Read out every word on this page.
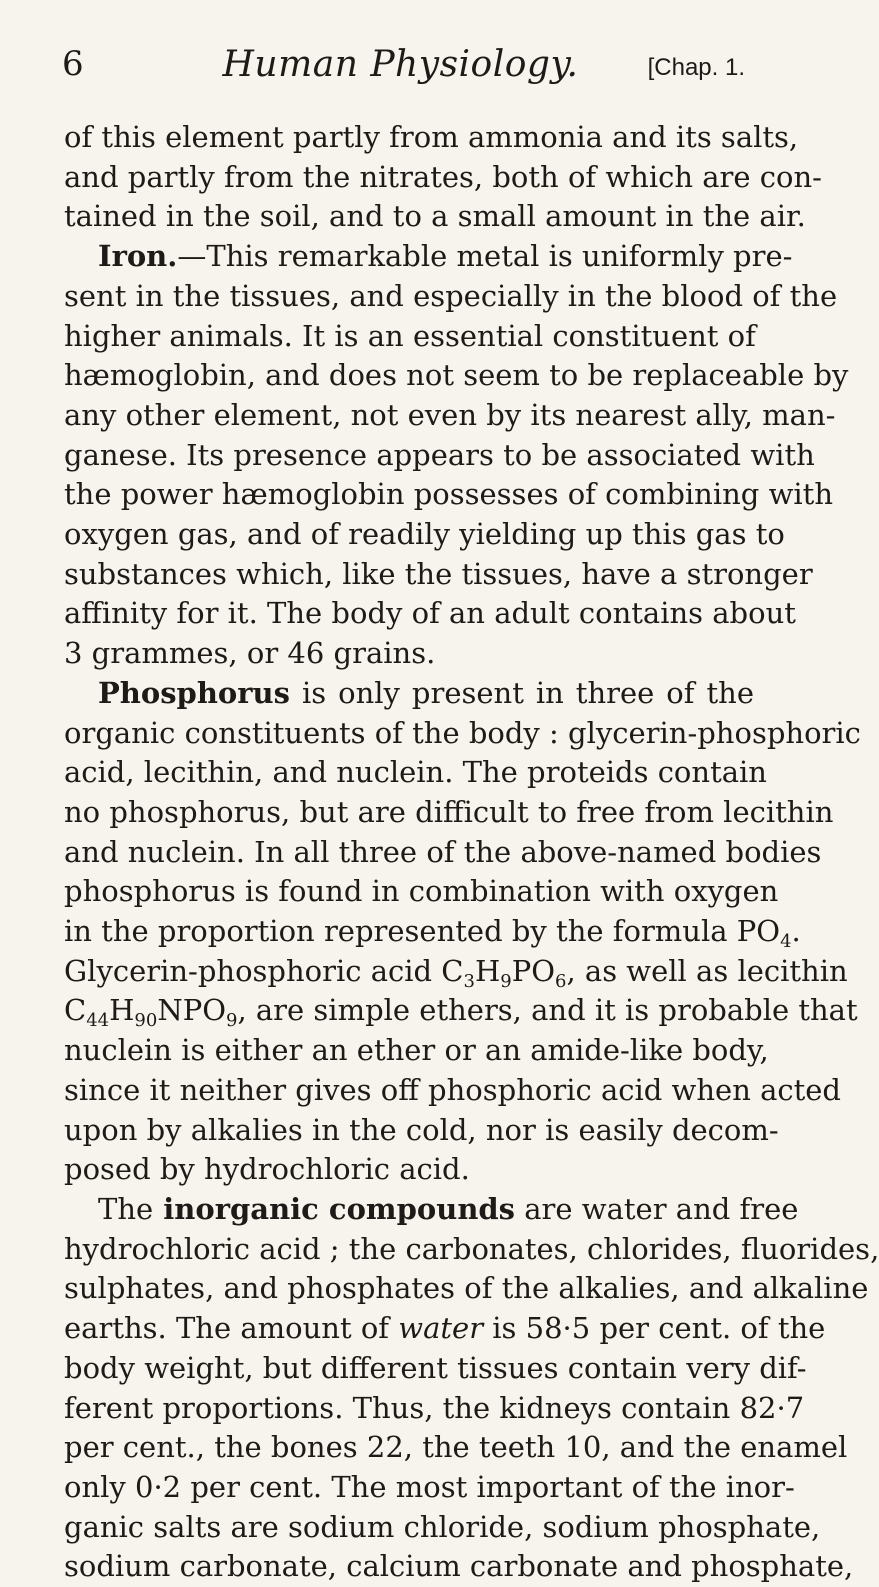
6	Human Physiology.	[Chap. 1.
of this element partly from ammonia and its salts,
and partly from the nitrates, both of which are con-
tained in the soil, and to a small amount in the air.
Iron.—This remarkable metal is uniformly pre-
sent in the tissues, and especially in the blood of the
higher animals. It is an essential constituent of
hæmoglobin, and does not seem to be replaceable by
any other element, not even by its nearest ally, man-
ganese. Its presence appears to be associated with
the power hæmoglobin possesses of combining with
oxygen gas, and of readily yielding up this gas to
substances which, like the tissues, have a stronger
affinity for it. The body of an adult contains about
3 grammes, or 46 grains.
Phosphorus is only present in three of the
organic constituents of the body : glycerin-phosphoric
acid, lecithin, and nuclein. The proteids contain
no phosphorus, but are difficult to free from lecithin
and nuclein. In all three of the above-named bodies
phosphorus is found in combination with oxygen
in the proportion represented by the formula $PO_4$.
Glycerin-phosphoric acid $C_3H_9PO_6$, as well as lecithin
$C_{44}H_{90}NPO_9$, are simple ethers, and it is probable that
nuclein is either an ether or an amide-like body,
since it neither gives off phosphoric acid when acted
upon by alkalies in the cold, nor is easily decom-
posed by hydrochloric acid.
The inorganic compounds are water and free
hydrochloric acid ; the carbonates, chlorides, fluorides,
sulphates, and phosphates of the alkalies, and alkaline
earths. The amount of water is 58·5 per cent. of the
body weight, but different tissues contain very dif-
ferent proportions. Thus, the kidneys contain 82·7
per cent., the bones 22, the teeth 10, and the enamel
only 0·2 per cent. The most important of the inor-
ganic salts are sodium chloride, sodium phosphate,
sodium carbonate, calcium carbonate and phosphate,
